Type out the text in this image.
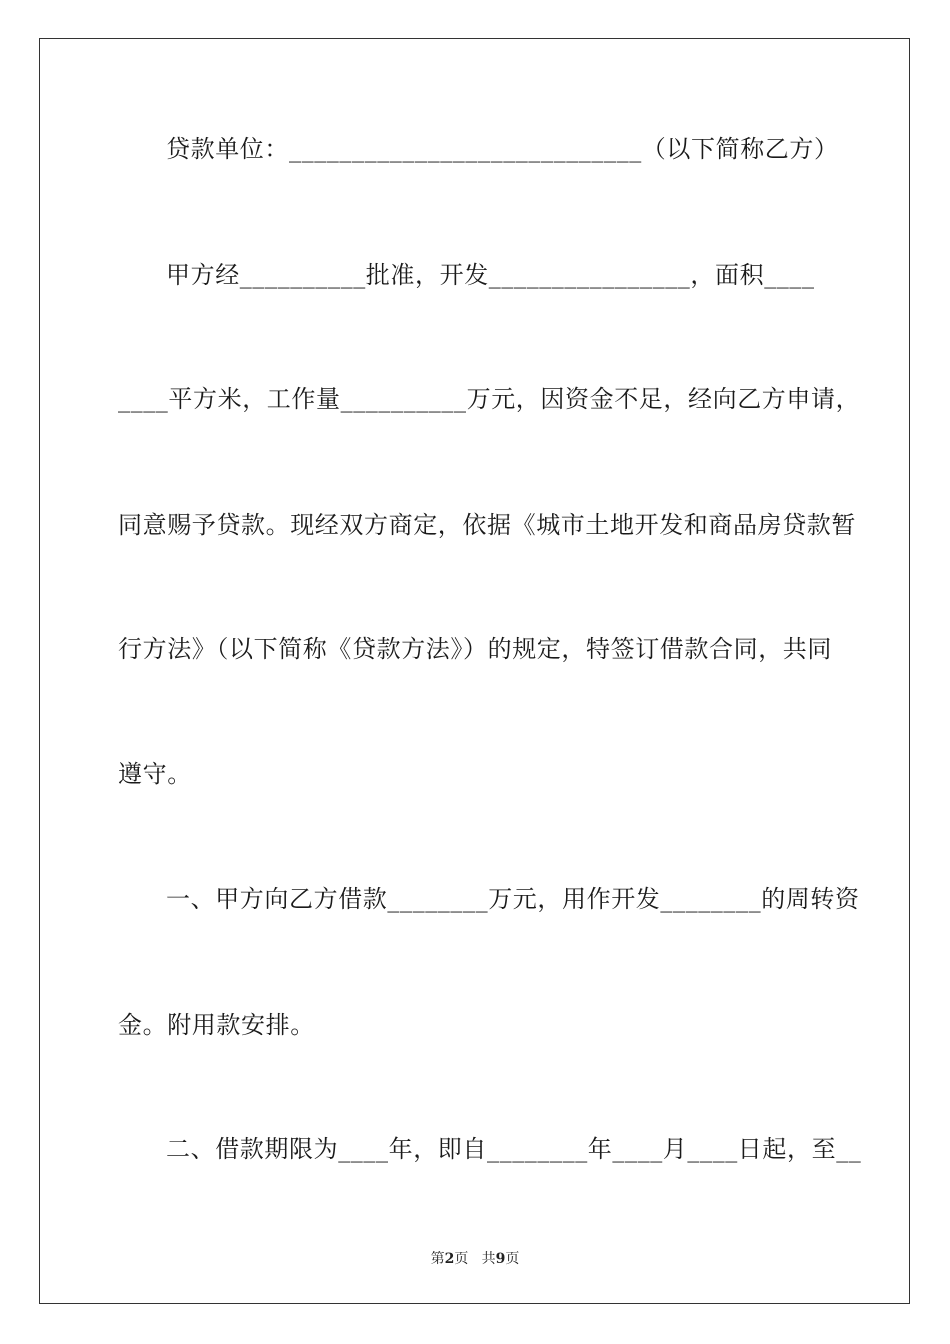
贷款单位：____________________________（以下简称乙方）

甲方经__________批准，开发________________，面积____

____平方米，工作量__________万元，因资金不足，经向乙方申请，

同意赐予贷款。现经双方商定，依据《城市土地开发和商品房贷款暂

行方法》（以下简称《贷款方法》）的规定，特签订借款合同，共同

遵守。

一、甲方向乙方借款________万元，用作开发________的周转资

金。附用款安排。

二、借款期限为____年，即自________年____月____日起，至__

第2页 共9页
